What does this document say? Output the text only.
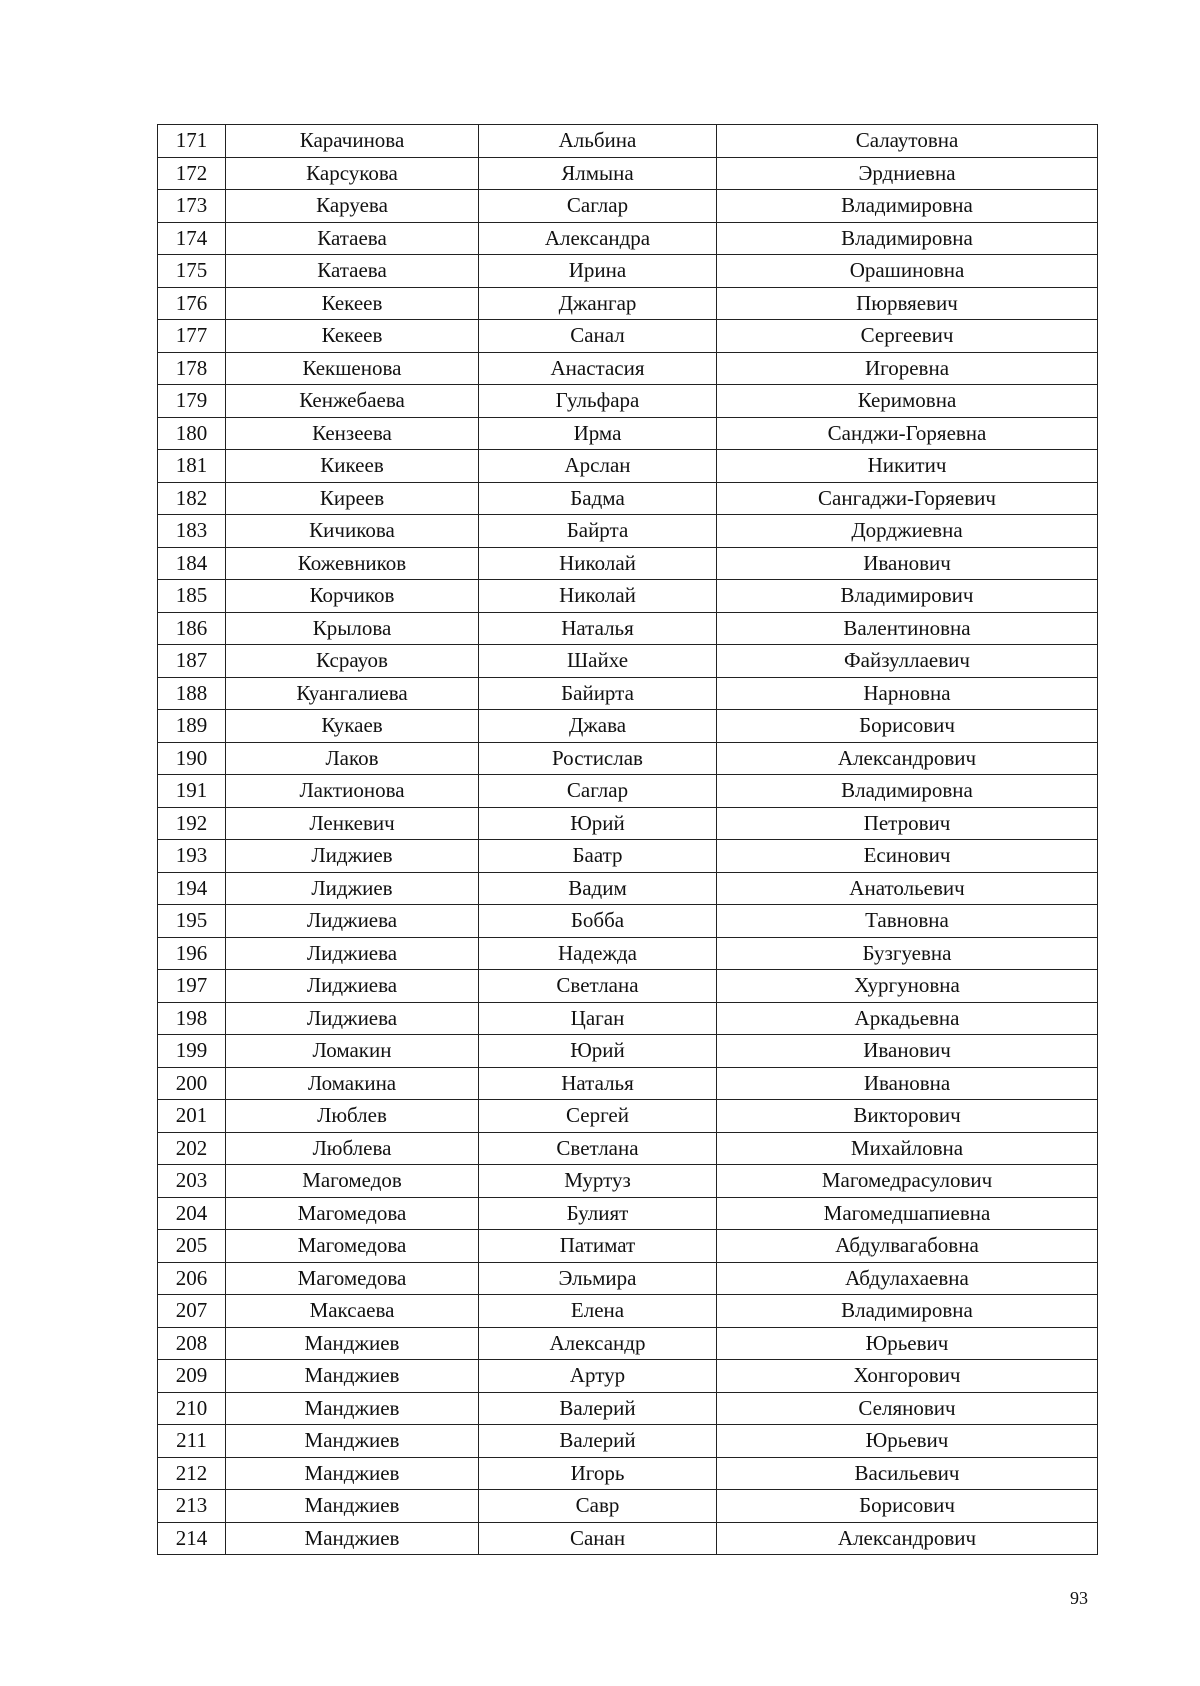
171	Карачинова	Альбина	Салаутовна
172	Карсукова	Ялмына	Эрдниевна
173	Каруева	Саглар	Владимировна
174	Катаева	Александра	Владимировна
175	Катаева	Ирина	Орашиновна
176	Кекеев	Джангар	Пюрвяевич
177	Кекеев	Санал	Сергеевич
178	Кекшенова	Анастасия	Игоревна
179	Кенжебаева	Гульфара	Керимовна
180	Кензеева	Ирма	Санджи-Горяевна
181	Кикеев	Арслан	Никитич
182	Киреев	Бадма	Сангаджи-Горяевич
183	Кичикова	Байрта	Дорджиевна
184	Кожевников	Николай	Иванович
185	Корчиков	Николай	Владимирович
186	Крылова	Наталья	Валентиновна
187	Ксрауов	Шайхе	Файзуллаевич
188	Куангалиева	Байирта	Нарновна
189	Кукаев	Джава	Борисович
190	Лаков	Ростислав	Александрович
191	Лактионова	Саглар	Владимировна
192	Ленкевич	Юрий	Петрович
193	Лиджиев	Баатр	Есинович
194	Лиджиев	Вадим	Анатольевич
195	Лиджиева	Бобба	Тавновна
196	Лиджиева	Надежда	Бузгуевна
197	Лиджиева	Светлана	Хургуновна
198	Лиджиева	Цаган	Аркадьевна
199	Ломакин	Юрий	Иванович
200	Ломакина	Наталья	Ивановна
201	Люблев	Сергей	Викторович
202	Люблева	Светлана	Михайловна
203	Магомедов	Муртуз	Магомедрасулович
204	Магомедова	Булият	Магомедшапиевна
205	Магомедова	Патимат	Абдулвагабовна
206	Магомедова	Эльмира	Абдулахаевна
207	Максаева	Елена	Владимировна
208	Манджиев	Александр	Юрьевич
209	Манджиев	Артур	Хонгорович
210	Манджиев	Валерий	Селянович
211	Манджиев	Валерий	Юрьевич
212	Манджиев	Игорь	Васильевич
213	Манджиев	Савр	Борисович
214	Манджиев	Санан	Александрович
93
